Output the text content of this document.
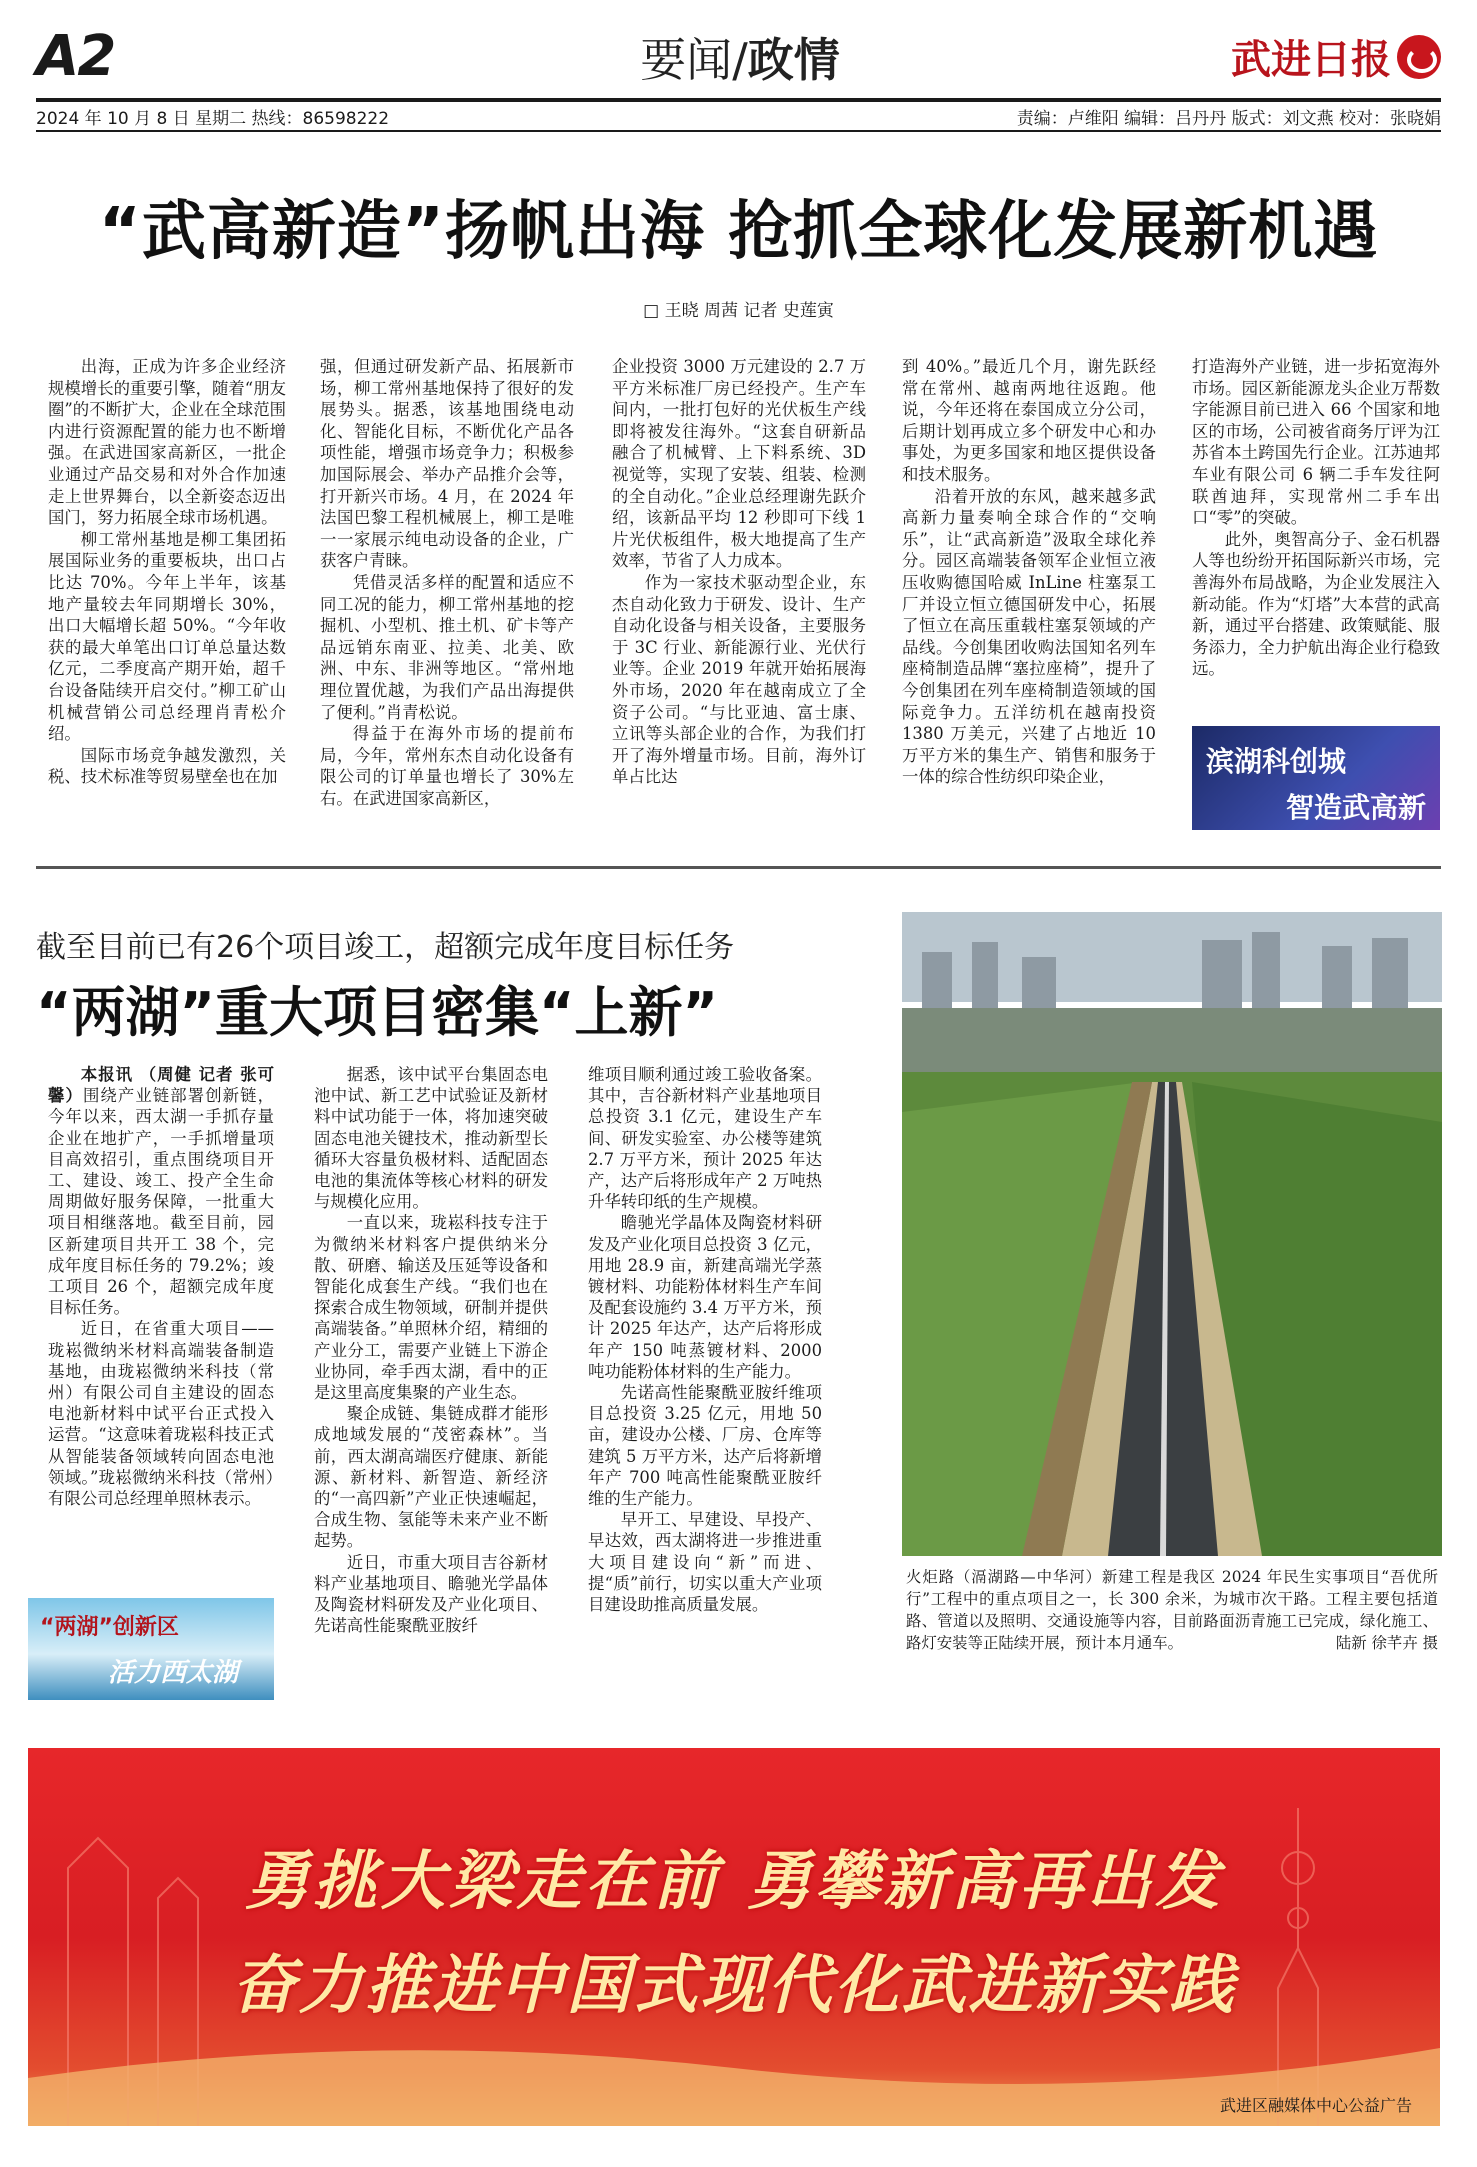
A2	要闻/政情	武进日报
2024 年 10 月 8 日 星期二 热线：86598222	责编：卢维阳 编辑：吕丹丹 版式：刘文燕 校对：张晓娟
“武高新造”扬帆出海 抢抓全球化发展新机遇
□ 王晓 周茜 记者 史莲寅

出海，正成为许多企业经济规模增长的重要引擎，随着“朋友圈”的不断扩大，企业在全球范围内进行资源配置的能力也不断增强。在武进国家高新区，一批企业通过产品交易和对外合作加速走上世界舞台，以全新姿态迈出国门，努力拓展全球市场机遇。

柳工常州基地是柳工集团拓展国际业务的重要板块，出口占比达 70%。今年上半年，该基地产量较去年同期增长 30%，出口大幅增长超 50%。“今年收获的最大单笔出口订单总量达数亿元，二季度高产期开始，超千台设备陆续开启交付。”柳工矿山机械营销公司总经理肖青松介绍。

国际市场竞争越发激烈，关税、技术标准等贸易壁垒也在加

强，但通过研发新产品、拓展新市场，柳工常州基地保持了很好的发展势头。据悉，该基地围绕电动化、智能化目标，不断优化产品各项性能，增强市场竞争力；积极参加国际展会、举办产品推介会等，打开新兴市场。4 月，在 2024 年法国巴黎工程机械展上，柳工是唯一一家展示纯电动设备的企业，广获客户青睐。

凭借灵活多样的配置和适应不同工况的能力，柳工常州基地的挖掘机、小型机、推土机、矿卡等产品远销东南亚、拉美、北美、欧洲、中东、非洲等地区。“常州地理位置优越，为我们产品出海提供了便利。”肖青松说。

得益于在海外市场的提前布局，今年，常州东杰自动化设备有限公司的订单量也增长了 30%左右。在武进国家高新区，

企业投资 3000 万元建设的 2.7 万平方米标准厂房已经投产。生产车间内，一批打包好的光伏板生产线即将被发往海外。“这套自研新品融合了机械臂、上下料系统、3D 视觉等，实现了安装、组装、检测的全自动化。”企业总经理谢先跃介绍，该新品平均 12 秒即可下线 1 片光伏板组件，极大地提高了生产效率，节省了人力成本。

作为一家技术驱动型企业，东杰自动化致力于研发、设计、生产自动化设备与相关设备，主要服务于 3C 行业、新能源行业、光伏行业等。企业 2019 年就开始拓展海外市场，2020 年在越南成立了全资子公司。“与比亚迪、富士康、立讯等头部企业的合作，为我们打开了海外增量市场。目前，海外订单占比达

到 40%。”最近几个月，谢先跃经常在常州、越南两地往返跑。他说，今年还将在泰国成立分公司，后期计划再成立多个研发中心和办事处，为更多国家和地区提供设备和技术服务。

沿着开放的东风，越来越多武高新力量奏响全球合作的“交响乐”，让“武高新造”汲取全球化养分。园区高端装备领军企业恒立液压收购德国哈威 InLine 柱塞泵工厂并设立恒立德国研发中心，拓展了恒立在高压重载柱塞泵领域的产品线。今创集团收购法国知名列车座椅制造品牌“塞拉座椅”，提升了今创集团在列车座椅制造领域的国际竞争力。五洋纺机在越南投资 1380 万美元，兴建了占地近 10 万平方米的集生产、销售和服务于一体的综合性纺织印染企业，

打造海外产业链，进一步拓宽海外市场。园区新能源龙头企业万帮数字能源目前已进入 66 个国家和地区的市场，公司被省商务厅评为江苏省本土跨国先行企业。江苏迪邦车业有限公司 6 辆二手车发往阿联酋迪拜，实现常州二手车出口“零”的突破。

此外，奥智高分子、金石机器人等也纷纷开拓国际新兴市场，完善海外布局战略，为企业发展注入新动能。作为“灯塔”大本营的武高新，通过平台搭建、政策赋能、服务添力，全力护航出海企业行稳致远。

滨湖科创城
智造武高新
截至目前已有26个项目竣工，超额完成年度目标任务
“两湖”重大项目密集“上新”

本报讯 （周健 记者 张可馨）围绕产业链部署创新链，今年以来，西太湖一手抓存量企业在地扩产，一手抓增量项目高效招引，重点围绕项目开工、建设、竣工、投产全生命周期做好服务保障，一批重大项目相继落地。截至目前，园区新建项目共开工 38 个，完成年度目标任务的 79.2%；竣工项目 26 个，超额完成年度目标任务。

近日，在省重大项目——珑崧微纳米材料高端装备制造基地，由珑崧微纳米科技（常州）有限公司自主建设的固态电池新材料中试平台正式投入运营。“这意味着珑崧科技正式从智能装备领域转向固态电池领域。”珑崧微纳米科技（常州）有限公司总经理单照林表示。

据悉，该中试平台集固态电池中试、新工艺中试验证及新材料中试功能于一体，将加速突破固态电池关键技术，推动新型长循环大容量负极材料、适配固态电池的集流体等核心材料的研发与规模化应用。

一直以来，珑崧科技专注于为微纳米材料客户提供纳米分散、研磨、输送及压延等设备和智能化成套生产线。“我们也在探索合成生物领域，研制并提供高端装备。”单照林介绍，精细的产业分工，需要产业链上下游企业协同，牵手西太湖，看中的正是这里高度集聚的产业生态。

聚企成链、集链成群才能形成地域发展的“茂密森林”。当前，西太湖高端医疗健康、新能源、新材料、新智造、新经济的“一高四新”产业正快速崛起，合成生物、氢能等未来产业不断起势。

近日，市重大项目吉谷新材料产业基地项目、瞻驰光学晶体及陶瓷材料研发及产业化项目、先诺高性能聚酰亚胺纤

维项目顺利通过竣工验收备案。其中，吉谷新材料产业基地项目总投资 3.1 亿元，建设生产车间、研发实验室、办公楼等建筑 2.7 万平方米，预计 2025 年达产，达产后将形成年产 2 万吨热升华转印纸的生产规模。

瞻驰光学晶体及陶瓷材料研发及产业化项目总投资 3 亿元，用地 28.9 亩，新建高端光学蒸镀材料、功能粉体材料生产车间及配套设施约 3.4 万平方米，预计 2025 年达产，达产后将形成年产 150 吨蒸镀材料、2000 吨功能粉体材料的生产能力。

先诺高性能聚酰亚胺纤维项目总投资 3.25 亿元，用地 50 亩，建设办公楼、厂房、仓库等建筑 5 万平方米，达产后将新增年产 700 吨高性能聚酰亚胺纤维的生产能力。

早开工、早建设、早投产、早达效，西太湖将进一步推进重大项目建设向“新”而进、提“质”前行，切实以重大产业项目建设助推高质量发展。

“两湖”创新区
活力西太湖
火炬路（滆湖路—中华河）新建工程是我区 2024 年民生实事项目“吾优所行”工程中的重点项目之一，长 300 余米，为城市次干路。工程主要包括道路、管道以及照明、交通设施等内容，目前路面沥青施工已完成，绿化施工、路灯安装等正陆续开展，预计本月通车。	陆新 徐芊卉 摄
勇挑大梁走在前 勇攀新高再出发
奋力推进中国式现代化武进新实践
武进区融媒体中心公益广告
